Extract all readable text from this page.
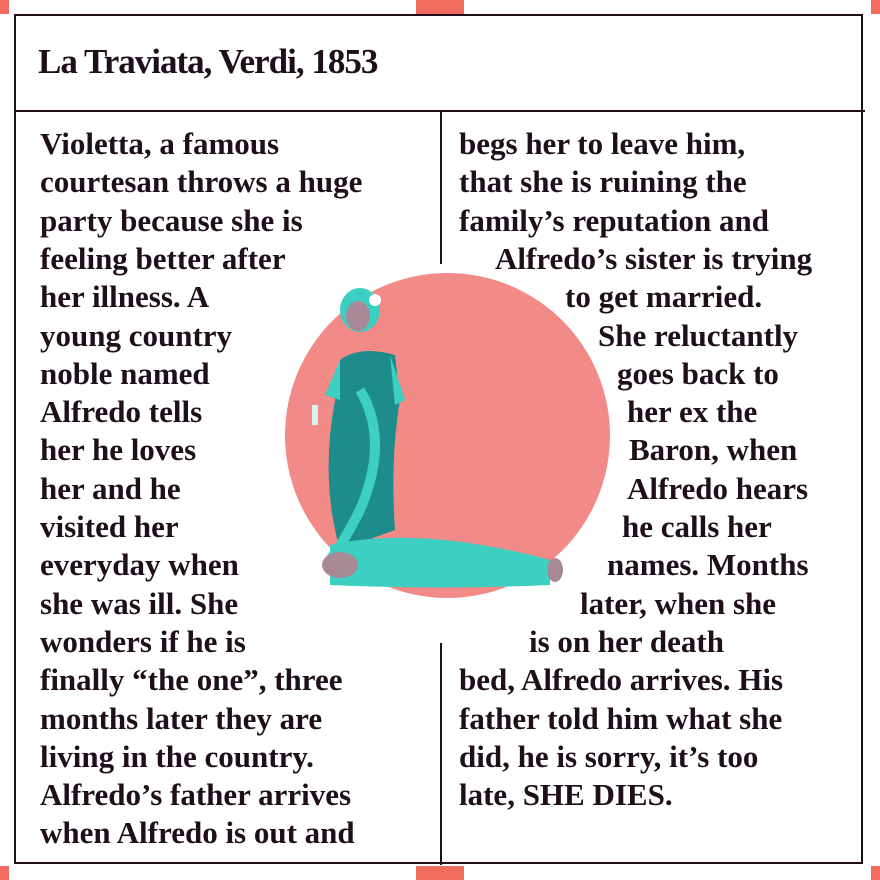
La Traviata, Verdi, 1853
Violetta, a famous
courtesan throws a huge
party because she is
feeling better after
her illness. A
young country
noble named
Alfredo tells
her he loves
her and he
visited her
everyday when
she was ill. She
wonders if he is
finally “the one”, three
months later they are
living in the country.
Alfredo’s father arrives
when Alfredo is out and
begs her to leave him,
that she is ruining the
family’s reputation and
Alfredo’s sister is trying
to get married.
She reluctantly
goes back to
her ex the
Baron, when
Alfredo hears
he calls her
names. Months
later, when she
is on her death
bed, Alfredo arrives. His
father told him what she
did, he is sorry, it’s too
late, SHE DIES.
